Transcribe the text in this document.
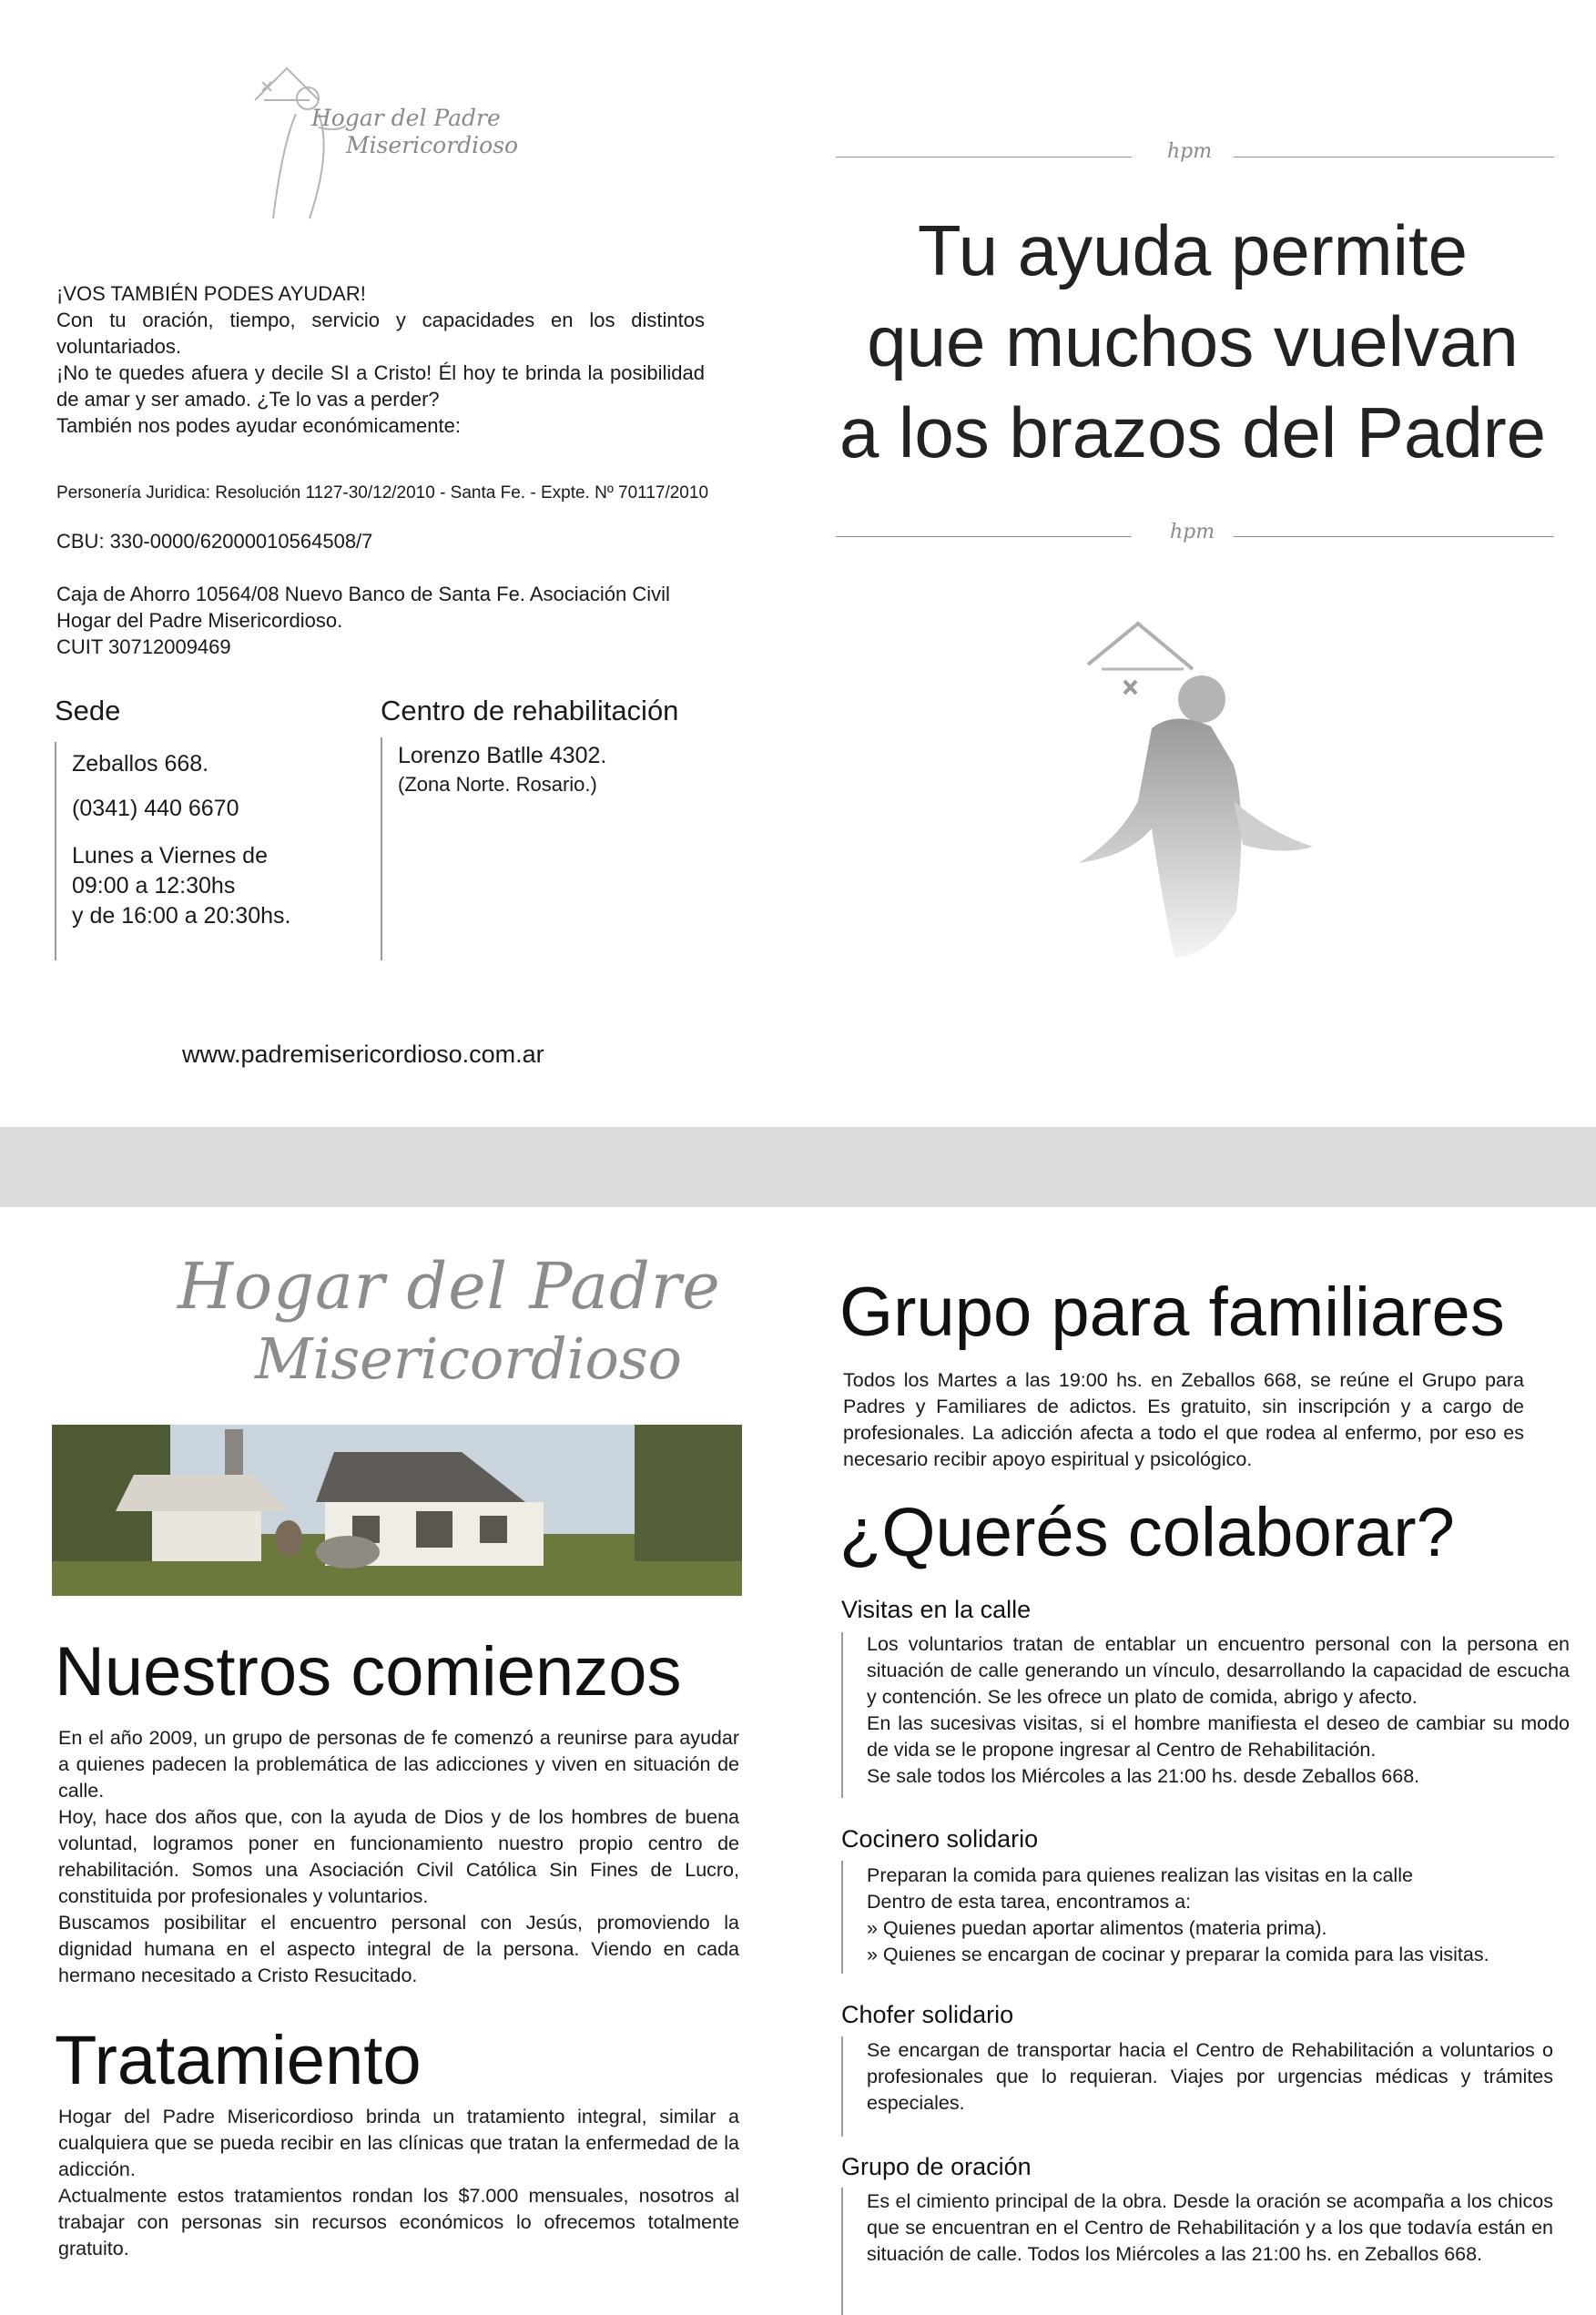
Hogar del Padre
Misericordioso

¡VOS TAMBIÉN PODES AYUDAR!

Con tu oración, tiempo, servicio y capacidades en los distintos voluntariados.

¡No te quedes afuera y decile SI a Cristo! Él hoy te brinda la posibilidad de amar y ser amado. ¿Te lo vas a perder?

También nos podes ayudar económicamente:

Personería Juridica: Resolución 1127-30/12/2010 - Santa Fe. - Expte. Nº 70117/2010
CBU: 330-0000/62000010564508/7
Caja de Ahorro 10564/08 Nuevo Banco de Santa Fe. Asociación Civil
Hogar del Padre Misericordioso.
CUIT 30712009469
Sede	Centro de rehabilitación
Zeballos 668.
(0341) 440 6670
Lunes a Viernes de
09:00 a 12:30hs
y de 16:00 a 20:30hs.
Lorenzo Batlle 4302.
(Zona Norte. Rosario.)
www.padremisericordioso.com.ar
hpm
Tu ayuda permite
que muchos vuelvan
a los brazos del Padre
hpm
Hogar del Padre
Misericordioso
Nuestros comienzos

En el año 2009, un grupo de personas de fe comenzó a reunirse para ayudar a quienes padecen la problemática de las adicciones y viven en situación de calle.

Hoy, hace dos años que, con la ayuda de Dios y de los hombres de buena voluntad, logramos poner en funcionamiento nuestro propio centro de rehabilitación. Somos una Asociación Civil Católica Sin Fines de Lucro, constituida por profesionales y voluntarios.

Buscamos posibilitar el encuentro personal con Jesús, promoviendo la dignidad humana en el aspecto integral de la persona. Viendo en cada hermano necesitado a Cristo Resucitado.

Tratamiento

Hogar del Padre Misericordioso brinda un tratamiento integral, similar a cualquiera que se pueda recibir en las clínicas que tratan la enfermedad de la adicción.

Actualmente estos tratamientos rondan los $7.000 mensuales, nosotros al trabajar con personas sin recursos económicos lo ofrecemos totalmente gratuito.

Grupo para familiares
Todos los Martes a las 19:00 hs. en Zeballos 668, se reúne el Grupo para Padres y Familiares de adictos. Es gratuito, sin inscripción y a cargo de profesionales. La adicción afecta a todo el que rodea al enfermo, por eso es necesario recibir apoyo espiritual y psicológico.
¿Querés colaborar?
Visitas en la calle

Los voluntarios tratan de entablar un encuentro personal con la persona en situación de calle generando un vínculo, desarrollando la capacidad de escucha y contención. Se les ofrece un plato de comida, abrigo y afecto.

En las sucesivas visitas, si el hombre manifiesta el deseo de cambiar su modo de vida se le propone ingresar al Centro de Rehabilitación.

Se sale todos los Miércoles a las 21:00 hs. desde Zeballos 668.

Cocinero solidario

Preparan la comida para quienes realizan las visitas en la calle

Dentro de esta tarea, encontramos a:

» Quienes puedan aportar alimentos (materia prima).

» Quienes se encargan de cocinar y preparar la comida para las visitas.

Chofer solidario
Se encargan de transportar hacia el Centro de Rehabilitación a voluntarios o profesionales que lo requieran. Viajes por urgencias médicas y trámites especiales.
Grupo de oración
Es el cimiento principal de la obra. Desde la oración se acompaña a los chicos que se encuentran en el Centro de Rehabilitación y a los que todavía están en situación de calle. Todos los Miércoles a las 21:00 hs. en Zeballos 668.
